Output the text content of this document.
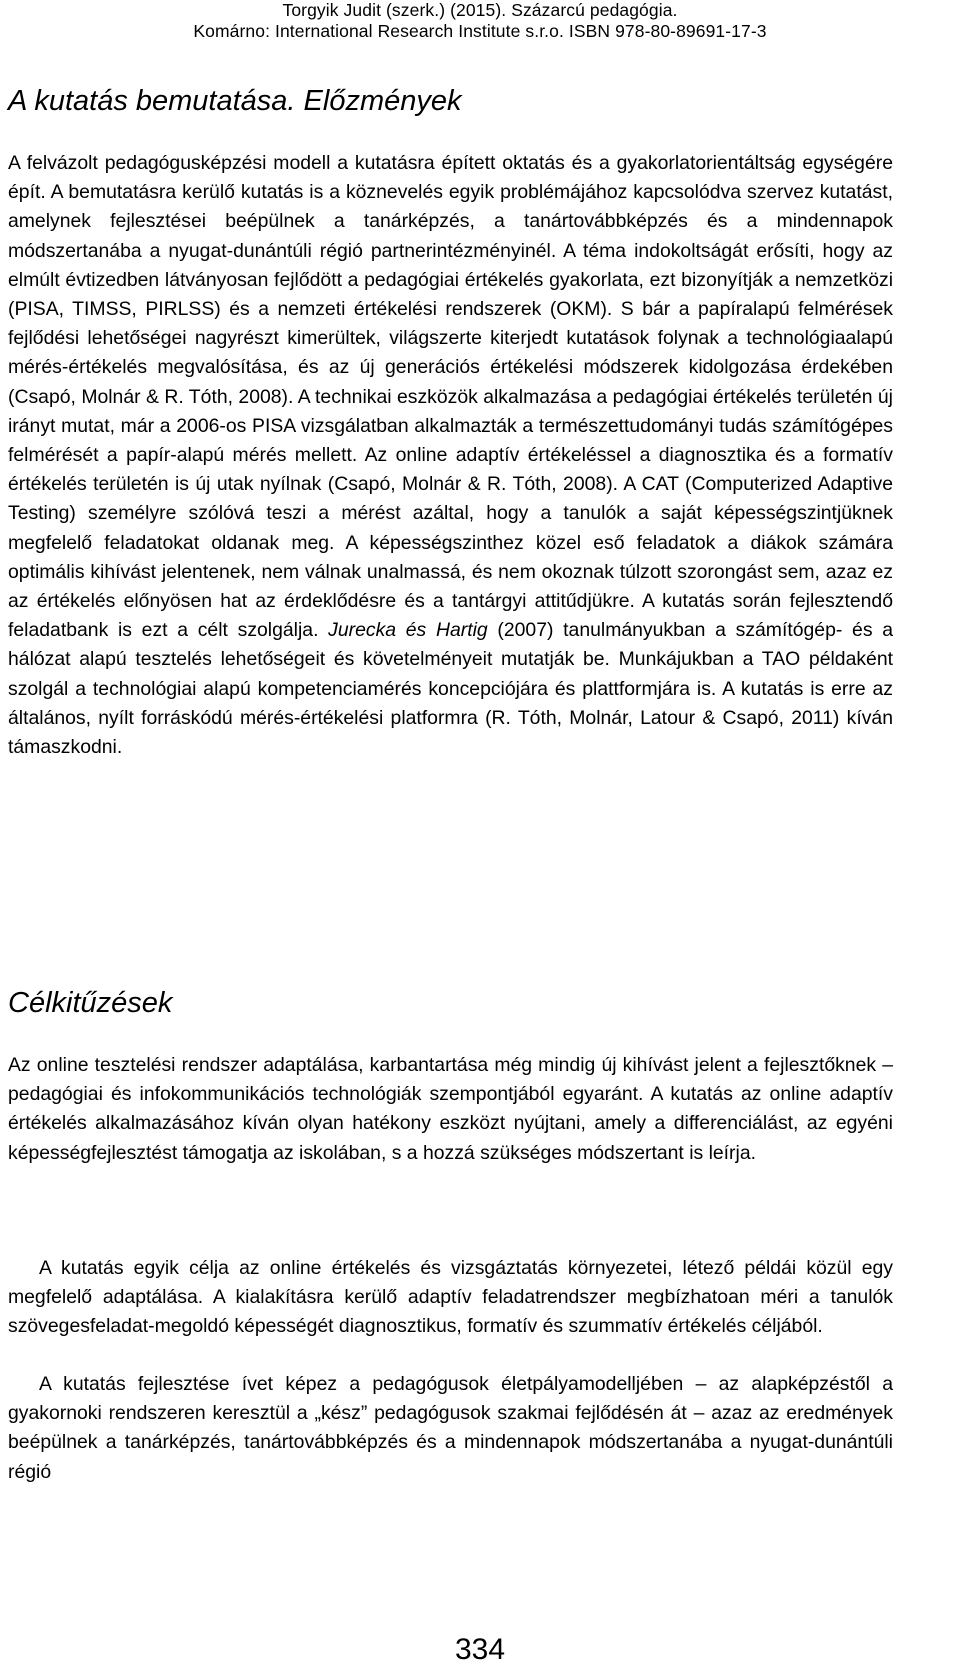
Torgyik Judit (szerk.) (2015). Százarcú pedagógia.
Komárno: International Research Institute s.r.o. ISBN 978-80-89691-17-3
A kutatás bemutatása. Előzmények

A felvázolt pedagógusképzési modell a kutatásra épített oktatás és a gyakorlatorientáltság egységére épít. A bemutatásra kerülő kutatás is a köznevelés egyik problémájához kapcsolódva szervez kutatást, amelynek fejlesztései beépülnek a tanárképzés, a tanártovábbképzés és a mindennapok módszertanába a nyugat-dunántúli régió partnerintézményinél. A téma indokoltságát erősíti, hogy az elmúlt évtizedben látványosan fejlődött a pedagógiai értékelés gyakorlata, ezt bizonyítják a nemzetközi (PISA, TIMSS, PIRLSS) és a nemzeti értékelési rendszerek (OKM). S bár a papíralapú felmérések fejlődési lehetőségei nagyrészt kimerültek, világszerte kiterjedt kutatások folynak a technológiaalapú mérés-értékelés megvalósítása, és az új generációs értékelési módszerek kidolgozása érdekében (Csapó, Molnár & R. Tóth, 2008). A technikai eszközök alkalmazása a pedagógiai értékelés területén új irányt mutat, már a 2006-os PISA vizsgálatban alkalmazták a természettudományi tudás számítógépes felmérését a papír-alapú mérés mellett. Az online adaptív értékeléssel a diagnosztika és a formatív értékelés területén is új utak nyílnak (Csapó, Molnár & R. Tóth, 2008). A CAT (Computerized Adaptive Testing) személyre szólóvá teszi a mérést azáltal, hogy a tanulók a saját képességszintjüknek megfelelő feladatokat oldanak meg. A képességszinthez közel eső feladatok a diákok számára optimális kihívást jelentenek, nem válnak unalmassá, és nem okoznak túlzott szorongást sem, azaz ez az értékelés előnyösen hat az érdeklődésre és a tantárgyi attitűdjükre. A kutatás során fejlesztendő feladatbank is ezt a célt szolgálja. Jurecka és Hartig (2007) tanulmányukban a számítógép- és a hálózat alapú tesztelés lehetőségeit és követelményeit mutatják be. Munkájukban a TAO példaként szolgál a technológiai alapú kompetenciamérés koncepciójára és plattformjára is. A kutatás is erre az általános, nyílt forráskódú mérés-értékelési platformra (R. Tóth, Molnár, Latour & Csapó, 2011) kíván támaszkodni.

Célkitűzések

Az online tesztelési rendszer adaptálása, karbantartása még mindig új kihívást jelent a fejlesztőknek – pedagógiai és infokommunikációs technológiák szempontjából egyaránt. A kutatás az online adaptív értékelés alkalmazásához kíván olyan hatékony eszközt nyújtani, amely a differenciálást, az egyéni képességfejlesztést támogatja az iskolában, s a hozzá szükséges módszertant is leírja.

A kutatás egyik célja az online értékelés és vizsgáztatás környezetei, létező példái közül egy megfelelő adaptálása. A kialakításra kerülő adaptív feladatrendszer megbízhatoan méri a tanulók szövegesfeladat-megoldó képességét diagnosztikus, formatív és szummatív értékelés céljából.

A kutatás fejlesztése ívet képez a pedagógusok életpályamodelljében – az alapképzéstől a gyakornoki rendszeren keresztül a „kész” pedagógusok szakmai fejlődésén át – azaz az eredmények beépülnek a tanárképzés, tanártovábbképzés és a mindennapok módszertanába a nyugat-dunántúli régió

334
